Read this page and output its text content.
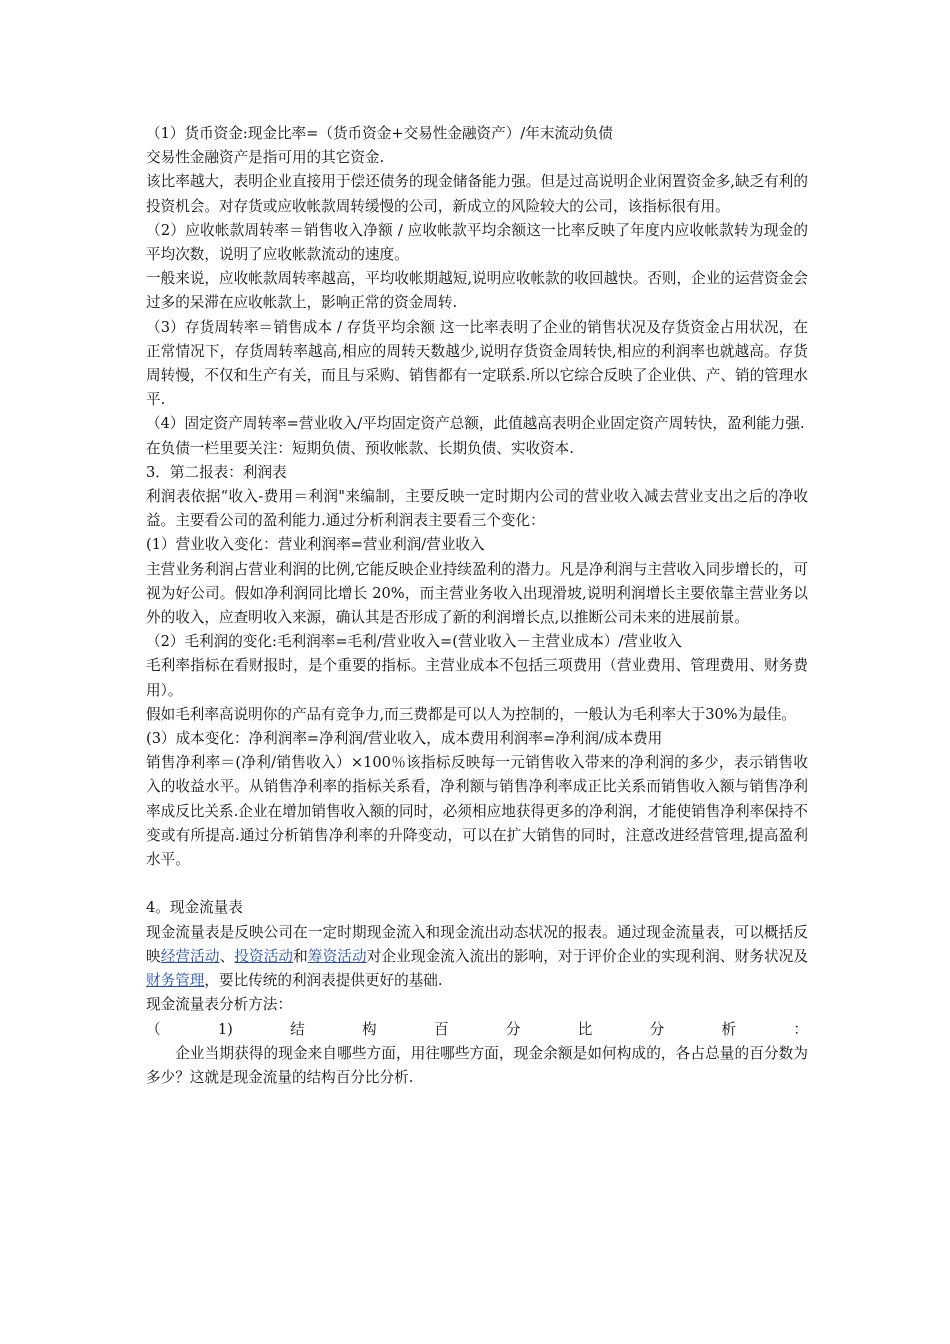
（1）货币资金:现金比率=（货币资金+交易性金融资产）/年末流动负债

交易性金融资产是指可用的其它资金.

该比率越大，表明企业直接用于偿还债务的现金储备能力强。但是过高说明企业闲置资金多,缺乏有利的投资机会。对存货或应收帐款周转缓慢的公司，新成立的风险较大的公司，该指标很有用。

（2）应收帐款周转率＝销售收入净额 / 应收帐款平均余额这一比率反映了年度内应收帐款转为现金的平均次数，说明了应收帐款流动的速度。

一般来说，应收帐款周转率越高，平均收帐期越短,说明应收帐款的收回越快。否则，企业的运营资金会过多的呆滞在应收帐款上，影响正常的资金周转.

（3）存货周转率＝销售成本 / 存货平均余额 这一比率表明了企业的销售状况及存货资金占用状况，在正常情况下，存货周转率越高,相应的周转天数越少,说明存货资金周转快,相应的利润率也就越高。存货周转慢，不仅和生产有关，而且与采购、销售都有一定联系.所以它综合反映了企业供、产、销的管理水平.

（4）固定资产周转率=营业收入/平均固定资产总额，此值越高表明企业固定资产周转快，盈利能力强.

在负债一栏里要关注：短期负债、预收帐款、长期负债、实收资本.

3．第二报表：利润表

利润表依据“收入-费用＝利润"来编制，主要反映一定时期内公司的营业收入减去营业支出之后的净收益。主要看公司的盈利能力.通过分析利润表主要看三个变化：

(1）营业收入变化：营业利润率=营业利润/营业收入

主营业务利润占营业利润的比例,它能反映企业持续盈利的潜力。凡是净利润与主营收入同步增长的，可视为好公司。假如净利润同比增长 20%，而主营业务收入出现滑坡,说明利润增长主要依靠主营业务以外的收入，应查明收入来源，确认其是否形成了新的利润增长点,以推断公司未来的进展前景。

（2）毛利润的变化:毛利润率=毛利/营业收入=(营业收入－主营业成本）/营业收入

毛利率指标在看财报时，是个重要的指标。主营业成本不包括三项费用（营业费用、管理费用、财务费用）。

假如毛利率高说明你的产品有竞争力,而三费都是可以人为控制的，一般认为毛利率大于30%为最佳。

(3）成本变化：净利润率=净利润/营业收入，成本费用利润率=净利润/成本费用

销售净利率＝(净利/销售收入）×100％该指标反映每一元销售收入带来的净利润的多少，表示销售收入的收益水平。从销售净利率的指标关系看，净利额与销售净利率成正比关系而销售收入额与销售净利率成反比关系.企业在增加销售收入额的同时，必须相应地获得更多的净利润，才能使销售净利率保持不变或有所提高.通过分析销售净利率的升降变动，可以在扩大销售的同时，注意改进经营管理,提高盈利水平。

4。现金流量表

现金流量表是反映公司在一定时期现金流入和现金流出动态状况的报表。通过现金流量表，可以概括反映经营活动、投资活动和筹资活动对企业现金流入流出的影响，对于评价企业的实现利润、财务状况及财务管理，要比传统的利润表提供更好的基础.

现金流量表分析方法：

（	1)	结	构	百	分	比	分	析	：

企业当期获得的现金来自哪些方面，用往哪些方面，现金余额是如何构成的，各占总量的百分数为多少？这就是现金流量的结构百分比分析.
